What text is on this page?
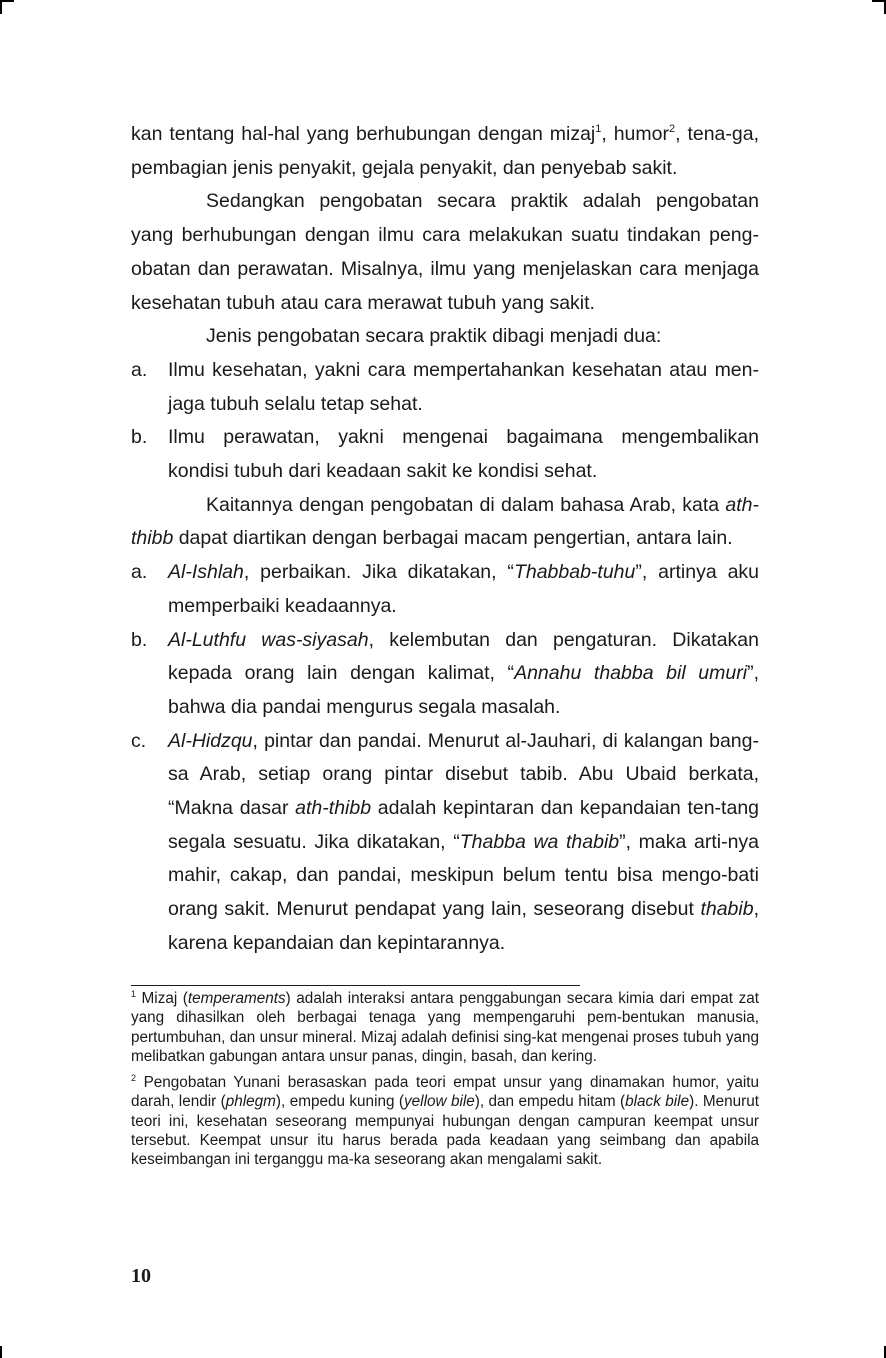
kan tentang hal-hal yang berhubungan dengan mizaj$^1$, humor$^2$, tena-ga, pembagian jenis penyakit, gejala penyakit, dan penyebab sakit.

Sedangkan pengobatan secara praktik adalah pengobatan yang berhubungan dengan ilmu cara melakukan suatu tindakan peng-obatan dan perawatan. Misalnya, ilmu yang menjelaskan cara menjaga kesehatan tubuh atau cara merawat tubuh yang sakit.

Jenis pengobatan secara praktik dibagi menjadi dua:

a. Ilmu kesehatan, yakni cara mempertahankan kesehatan atau men-jaga tubuh selalu tetap sehat.

b. Ilmu perawatan, yakni mengenai bagaimana mengembalikan kondisi tubuh dari keadaan sakit ke kondisi sehat.

Kaitannya dengan pengobatan di dalam bahasa Arab, kata ath-thibb dapat diartikan dengan berbagai macam pengertian, antara lain.

a. Al-Ishlah, perbaikan. Jika dikatakan, “Thabbab-tuhu”, artinya aku memperbaiki keadaannya.

b. Al-Luthfu was-siyasah, kelembutan dan pengaturan. Dikatakan kepada orang lain dengan kalimat, “Annahu thabba bil umuri”, bahwa dia pandai mengurus segala masalah.

c. Al-Hidzqu, pintar dan pandai. Menurut al-Jauhari, di kalangan bang-sa Arab, setiap orang pintar disebut tabib. Abu Ubaid berkata, “Makna dasar ath-thibb adalah kepintaran dan kepandaian ten-tang segala sesuatu. Jika dikatakan, “Thabba wa thabib”, maka arti-nya mahir, cakap, dan pandai, meskipun belum tentu bisa mengo-bati orang sakit. Menurut pendapat yang lain, seseorang disebut thabib, karena kepandaian dan kepintarannya.

$^1$ Mizaj (temperaments) adalah interaksi antara penggabungan secara kimia dari empat zat yang dihasilkan oleh berbagai tenaga yang mempengaruhi pem-bentukan manusia, pertumbuhan, dan unsur mineral. Mizaj adalah definisi sing-kat mengenai proses tubuh yang melibatkan gabungan antara unsur panas, dingin, basah, dan kering.

$^2$ Pengobatan Yunani berasaskan pada teori empat unsur yang dinamakan humor, yaitu darah, lendir (phlegm), empedu kuning (yellow bile), dan empedu hitam (black bile). Menurut teori ini, kesehatan seseorang mempunyai hubungan dengan campuran keempat unsur tersebut. Keempat unsur itu harus berada pada keadaan yang seimbang dan apabila keseimbangan ini terganggu ma-ka seseorang akan mengalami sakit.

10
